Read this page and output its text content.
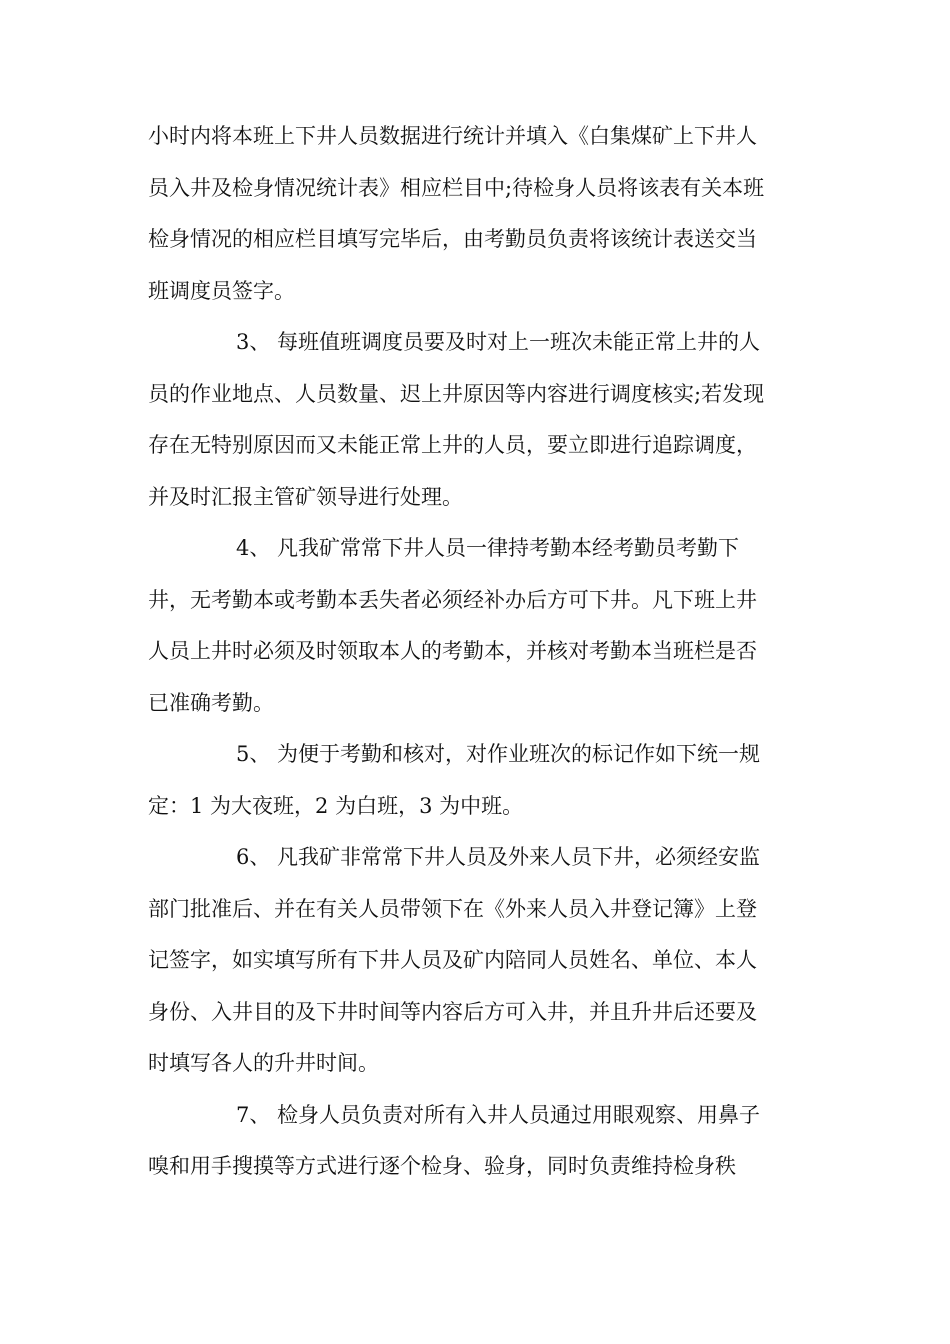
小时内将本班上下井人员数据进行统计并填入《白集煤矿上下井人
员入井及检身情况统计表》相应栏目中;待检身人员将该表有关本班
检身情况的相应栏目填写完毕后，由考勤员负责将该统计表送交当
班调度员签字。
3、 每班值班调度员要及时对上一班次未能正常上井的人
员的作业地点、人员数量、迟上井原因等内容进行调度核实;若发现
存在无特别原因而又未能正常上井的人员，要立即进行追踪调度，
并及时汇报主管矿领导进行处理。
4、 凡我矿常常下井人员一律持考勤本经考勤员考勤下
井，无考勤本或考勤本丢失者必须经补办后方可下井。凡下班上井
人员上井时必须及时领取本人的考勤本，并核对考勤本当班栏是否
已准确考勤。
5、 为便于考勤和核对，对作业班次的标记作如下统一规
定：1 为大夜班，2 为白班，3 为中班。
6、 凡我矿非常常下井人员及外来人员下井，必须经安监
部门批准后、并在有关人员带领下在《外来人员入井登记簿》上登
记签字，如实填写所有下井人员及矿内陪同人员姓名、单位、本人
身份、入井目的及下井时间等内容后方可入井，并且升井后还要及
时填写各人的升井时间。
7、 检身人员负责对所有入井人员通过用眼观察、用鼻子
嗅和用手搜摸等方式进行逐个检身、验身，同时负责维持检身秩
